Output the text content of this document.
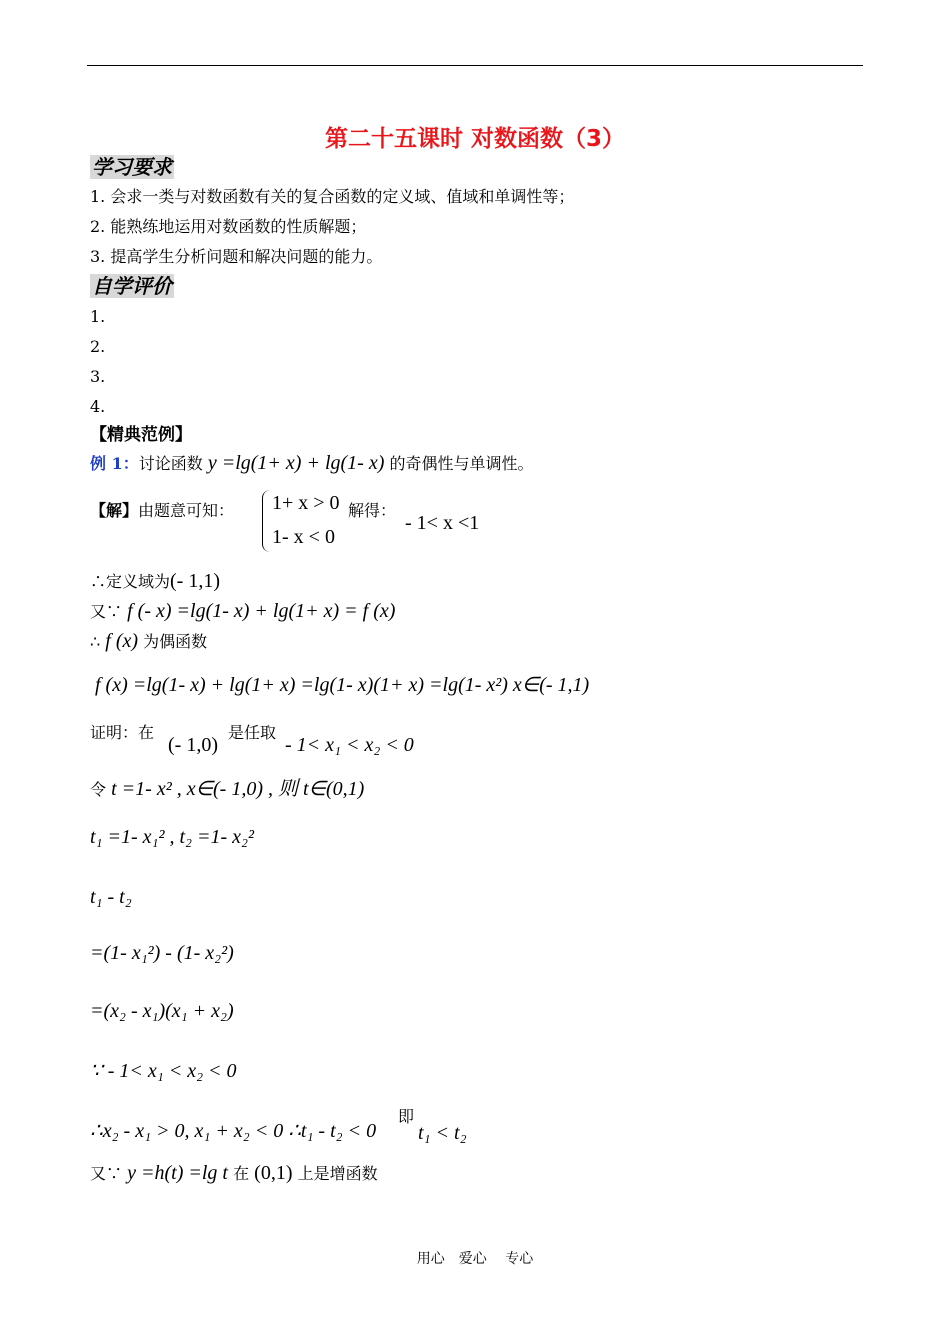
第二十五课时 对数函数（3）
学习要求
1. 会求一类与对数函数有关的复合函数的定义域、值域和单调性等；
2. 能熟练地运用对数函数的性质解题；
3. 提高学生分析问题和解决问题的能力。
自学评价
1.
2.
3.
4.
【精典范例】
例 1：讨论函数 y =lg(1+ x) + lg(1- x) 的奇偶性与单调性。
【解】由题意可知： 1+ x > 0
1- x < 0
解得：
- 1< x <1
∴定义域为(- 1,1)
又∵ f (- x) =lg(1- x) + lg(1+ x) = f (x)
∴ f (x) 为偶函数
f (x) =lg(1- x) + lg(1+ x) =lg(1- x)(1+ x) =lg(1- x²) x∈(- 1,1)
证明：在
(- 1,0)
是任取
- 1< x₁ < x₂ < 0
令 t =1- x² , x∈(- 1,0) , 则 t∈(0,1)
t₁ =1- x₁² , t₂ =1- x₂²
t₁ - t₂
=(1- x₁²) - (1- x₂²)
=(x₂ - x₁)(x₁ + x₂)
∵ - 1< x₁ < x₂ < 0
∴x₂ - x₁ > 0, x₁ + x₂ < 0 ∴t₁ - t₂ < 0
即
t₁ < t₂
又∵ y =h(t) =lg t 在 (0,1) 上是增函数
用心　爱心　 专心
